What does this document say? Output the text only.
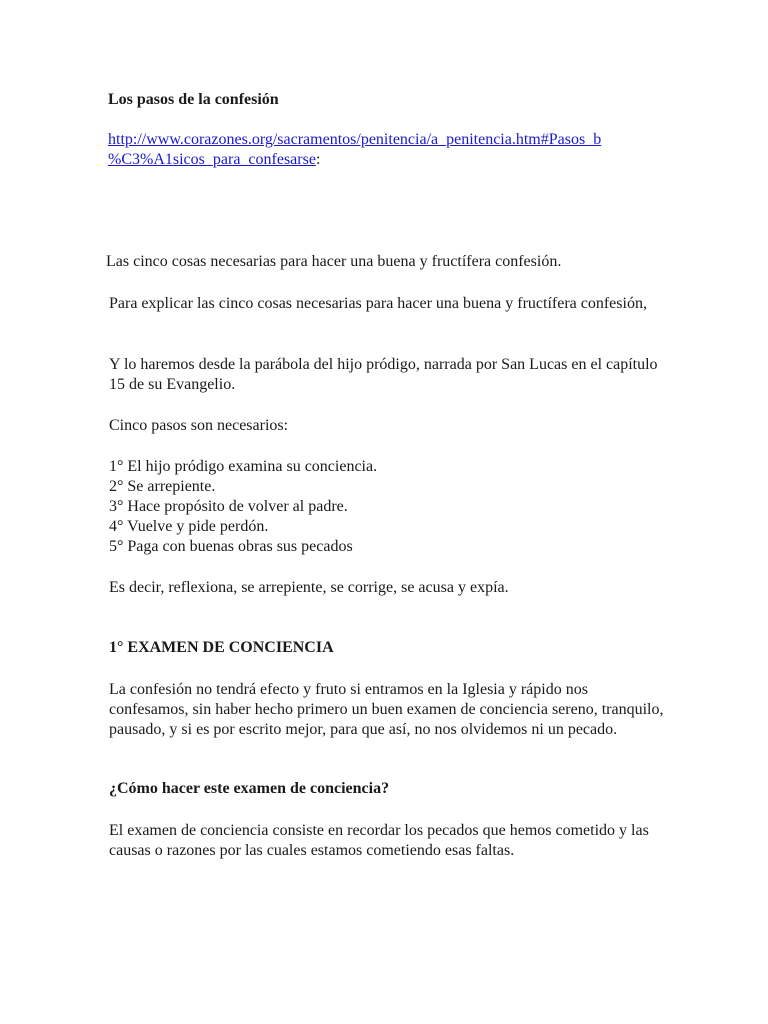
Los pasos de la confesión
http://www.corazones.org/sacramentos/penitencia/a_penitencia.htm#Pasos_b
%C3%A1sicos_para_confesarse:

Las cinco cosas necesarias para hacer una buena y fructífera confesión.

Para explicar las cinco cosas necesarias para hacer una buena y fructífera confesión,

Y lo haremos desde la parábola del hijo pródigo, narrada por San Lucas en el capítulo 15 de su Evangelio.

Cinco pasos son necesarios:

1° El hijo pródigo examina su conciencia.
2° Se arrepiente.
3° Hace propósito de volver al padre.
4° Vuelve y pide perdón.
5° Paga con buenas obras sus pecados

Es decir, reflexiona, se arrepiente, se corrige, se acusa y expía.

1° EXAMEN DE CONCIENCIA

La confesión no tendrá efecto y fruto si entramos en la Iglesia y rápido nos confesamos, sin haber hecho primero un buen examen de conciencia sereno, tranquilo, pausado, y si es por escrito mejor, para que así, no nos olvidemos ni un pecado.

¿Cómo hacer este examen de conciencia?

El examen de conciencia consiste en recordar los pecados que hemos cometido y las causas o razones por las cuales estamos cometiendo esas faltas.
